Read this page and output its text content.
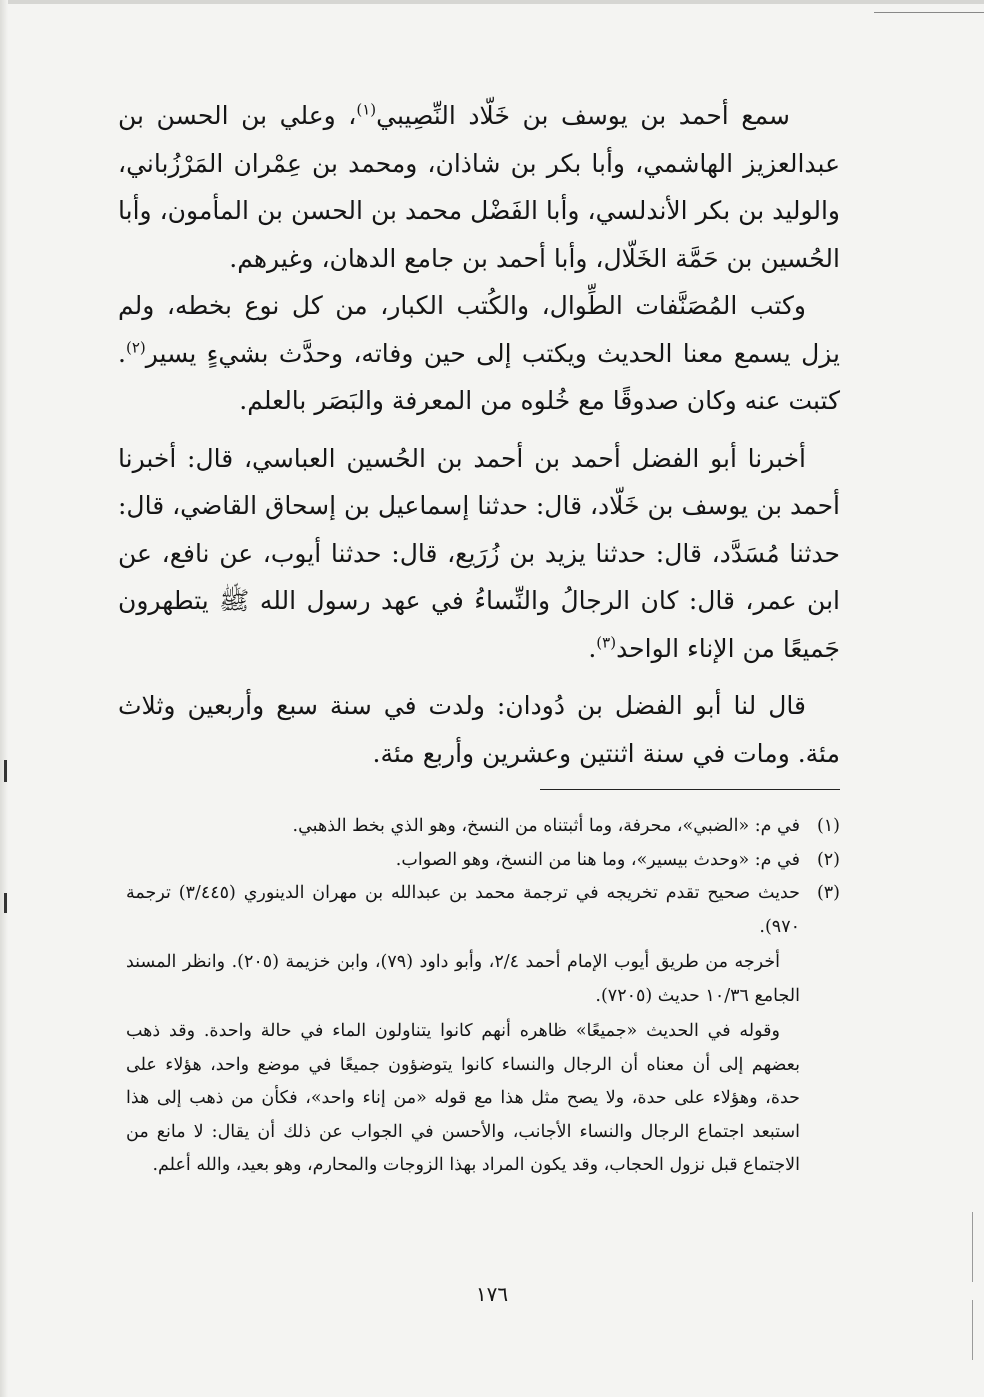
سمع أحمد بن يوسف بن خَلّاد النِّصِيبي$^{(١)}$، وعلي بن الحسن بن عبدالعزيز الهاشمي، وأبا بكر بن شاذان، ومحمد بن عِمْران المَرْزُباني، والوليد بن بكر الأندلسي، وأبا الفَضْل محمد بن الحسن بن المأمون، وأبا الحُسين بن حَمَّة الخَلّال، وأبا أحمد بن جامع الدهان، وغيرهم.

وكتب المُصَنَّفات الطِّوال، والكُتب الكبار، من كل نوع بخطه، ولم يزل يسمع معنا الحديث ويكتب إلى حين وفاته، وحدَّث بشيءٍ يسير$^{(٢)}$. كتبت عنه وكان صدوقًا مع خُلوه من المعرفة والبَصَر بالعلم.

أخبرنا أبو الفضل أحمد بن أحمد بن الحُسين العباسي، قال: أخبرنا أحمد بن يوسف بن خَلّاد، قال: حدثنا إسماعيل بن إسحاق القاضي، قال: حدثنا مُسَدَّد، قال: حدثنا يزيد بن زُرَيع، قال: حدثنا أيوب، عن نافع، عن ابن عمر، قال: كان الرجالُ والنِّساءُ في عهد رسول الله ﷺ يتطهرون جَميعًا من الإناء الواحد$^{(٣)}$.

قال لنا أبو الفضل بن دُودان: ولدت في سنة سبع وأربعين وثلاث مئة. ومات في سنة اثنتين وعشرين وأربع مئة.

(١)
في م: «الضبي»، محرفة، وما أثبتناه من النسخ، وهو الذي بخط الذهبي.
(٢)
في م: «وحدث بيسير»، وما هنا من النسخ، وهو الصواب.
(٣)
حديث صحيح تقدم تخريجه في ترجمة محمد بن عبدالله بن مهران الدينوري (٣/٤٤٥) ترجمة ٩٧٠).
أخرجه من طريق أيوب الإمام أحمد ٢/٤، وأبو داود (٧٩)، وابن خزيمة (٢٠٥). وانظر المسند الجامع ١٠/٣٦ حديث (٧٢٠٥).
وقوله في الحديث «جميعًا» ظاهره أنهم كانوا يتناولون الماء في حالة واحدة. وقد ذهب بعضهم إلى أن معناه أن الرجال والنساء كانوا يتوضؤون جميعًا في موضع واحد، هؤلاء على حدة، وهؤلاء على حدة، ولا يصح مثل هذا مع قوله «من إناء واحد»، فكأن من ذهب إلى هذا استبعد اجتماع الرجال والنساء الأجانب، والأحسن في الجواب عن ذلك أن يقال: لا مانع من الاجتماع قبل نزول الحجاب، وقد يكون المراد بهذا الزوجات والمحارم، وهو بعيد، والله أعلم.
١٧٦
